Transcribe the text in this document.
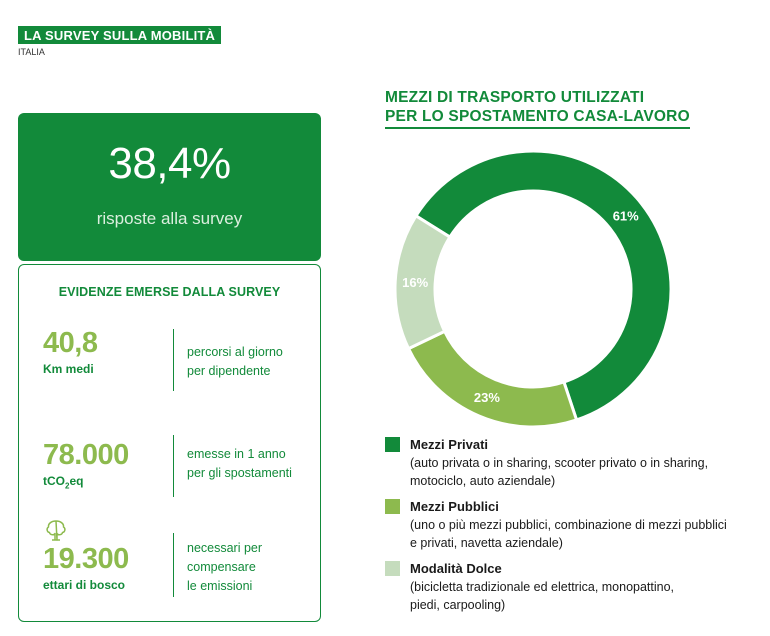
LA SURVEY SULLA MOBILITÀ
ITALIA
38,4%
risposte alla survey
EVIDENZE EMERSE DALLA SURVEY
40,8
Km medi
percorsi al giorno
per dipendente
78.000
tCO$_2$eq
emesse in 1 anno
per gli spostamenti
19.300
ettari di bosco
necessari per
compensare
le emissioni
MEZZI DI TRASPORTO UTILIZZATI
PER LO SPOSTAMENTO CASA-LAVORO
61%
23%
16%
Mezzi Privati
(auto privata o in sharing, scooter privato o in sharing,
motociclo, auto aziendale)
Mezzi Pubblici
(uno o più mezzi pubblici, combinazione di mezzi pubblici
e privati, navetta aziendale)
Modalità Dolce
(bicicletta tradizionale ed elettrica, monopattino,
piedi, carpooling)
